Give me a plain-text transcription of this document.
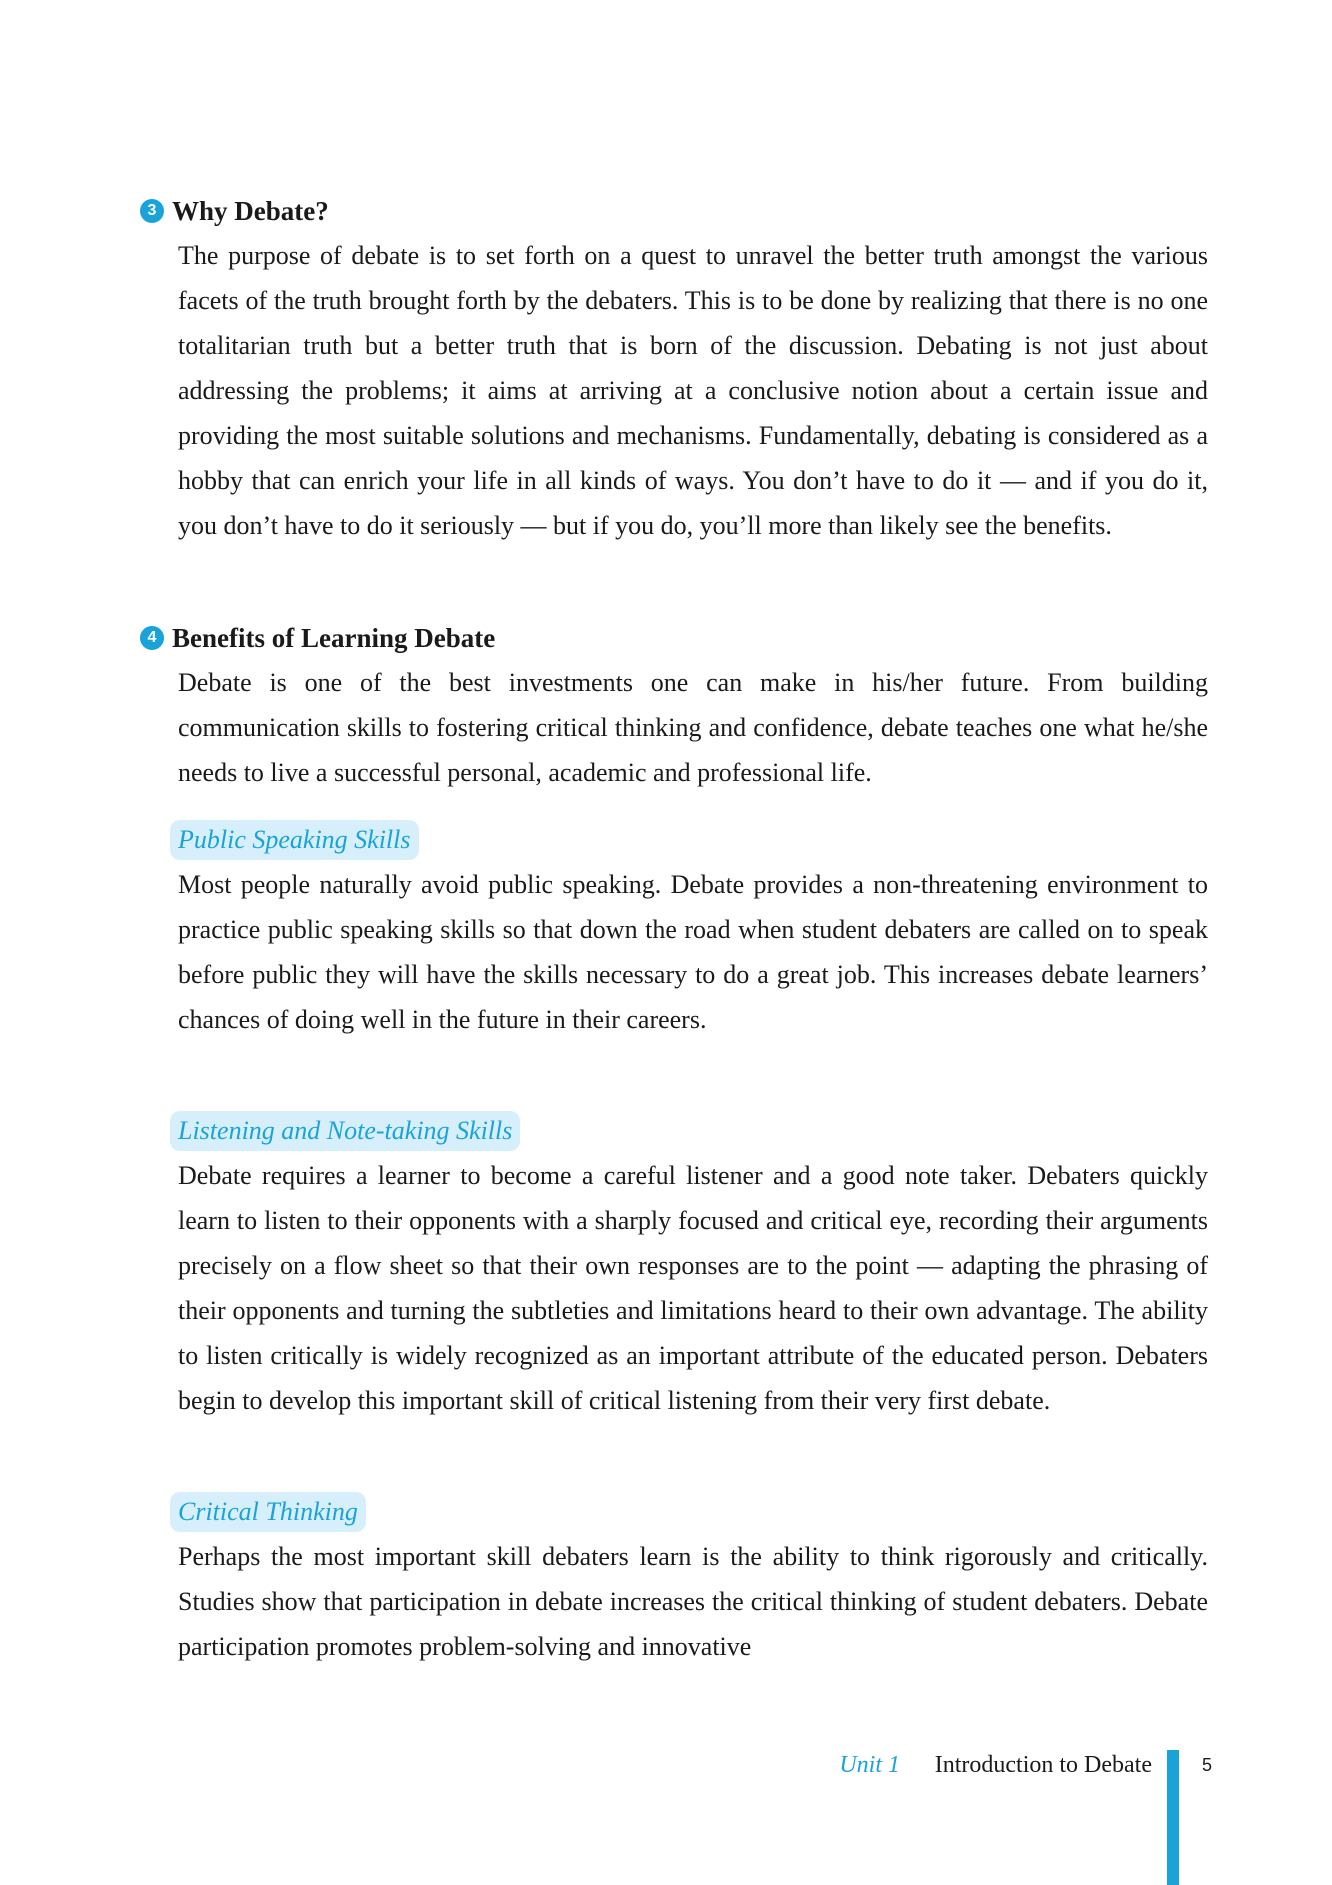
3 Why Debate?

The purpose of debate is to set forth on a quest to unravel the better truth amongst the various facets of the truth brought forth by the debaters. This is to be done by realizing that there is no one totalitarian truth but a better truth that is born of the discussion. Debating is not just about addressing the problems; it aims at arriving at a conclusive notion about a certain issue and providing the most suitable solutions and mechanisms. Fundamentally, debating is considered as a hobby that can enrich your life in all kinds of ways. You don’t have to do it — and if you do it, you don’t have to do it seriously — but if you do, you’ll more than likely see the benefits.

4 Benefits of Learning Debate

Debate is one of the best investments one can make in his/her future. From building communication skills to fostering critical thinking and confidence, debate teaches one what he/she needs to live a successful personal, academic and professional life.

Public Speaking Skills

Most people naturally avoid public speaking. Debate provides a non-threatening environment to practice public speaking skills so that down the road when student debaters are called on to speak before public they will have the skills necessary to do a great job. This increases debate learners’ chances of doing well in the future in their careers.

Listening and Note-taking Skills

Debate requires a learner to become a careful listener and a good note taker. Debaters quickly learn to listen to their opponents with a sharply focused and critical eye, recording their arguments precisely on a flow sheet so that their own responses are to the point — adapting the phrasing of their opponents and turning the subtleties and limitations heard to their own advantage. The ability to listen critically is widely recognized as an important attribute of the educated person. Debaters begin to develop this important skill of critical listening from their very first debate.

Critical Thinking

Perhaps the most important skill debaters learn is the ability to think rigorously and critically. Studies show that participation in debate increases the critical thinking of student debaters. Debate participation promotes problem-solving and innovative

Unit 1 Introduction to Debate	5
